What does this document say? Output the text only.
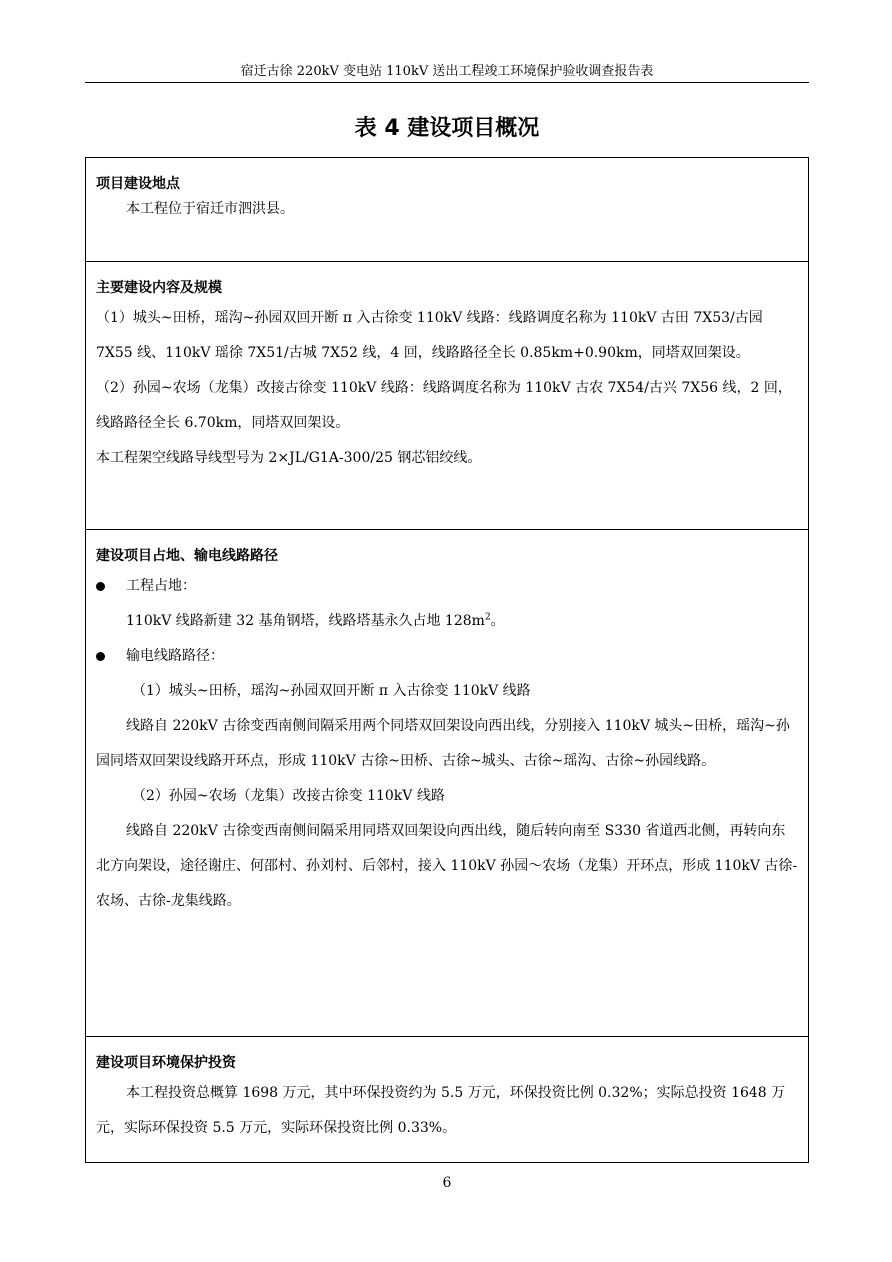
宿迁古徐 220kV 变电站 110kV 送出工程竣工环境保护验收调查报告表
表 4 建设项目概况
项目建设地点
本工程位于宿迁市泗洪县。
主要建设内容及规模
（1）城头~田桥，瑶沟~孙园双回开断 π 入古徐变 110kV 线路：线路调度名称为 110kV 古田 7X53/古园 7X55 线、110kV 瑶徐 7X51/古城 7X52 线，4 回，线路路径全长 0.85km+0.90km，同塔双回架设。
（2）孙园~农场（龙集）改接古徐变 110kV 线路：线路调度名称为 110kV 古农 7X54/古兴 7X56 线，2 回，线路路径全长 6.70km，同塔双回架设。
本工程架空线路导线型号为 2×JL/G1A-300/25 钢芯铝绞线。
建设项目占地、输电线路路径
工程占地：
110kV 线路新建 32 基角钢塔，线路塔基永久占地 $128m^2$。
输电线路路径：
（1）城头~田桥，瑶沟~孙园双回开断 π 入古徐变 110kV 线路
线路自 220kV 古徐变西南侧间隔采用两个同塔双回架设向西出线，分别接入 110kV 城头~田桥，瑶沟~孙园同塔双回架设线路开环点，形成 110kV 古徐~田桥、古徐~城头、古徐~瑶沟、古徐~孙园线路。
（2）孙园~农场（龙集）改接古徐变 110kV 线路
线路自 220kV 古徐变西南侧间隔采用同塔双回架设向西出线，随后转向南至 S330 省道西北侧，再转向东北方向架设，途径谢庄、何邵村、孙刘村、后邻村，接入 110kV 孙园～农场（龙集）开环点，形成 110kV 古徐-农场、古徐-龙集线路。
建设项目环境保护投资
本工程投资总概算 1698 万元，其中环保投资约为 5.5 万元，环保投资比例 0.32%；实际总投资 1648 万元，实际环保投资 5.5 万元，实际环保投资比例 0.33%。
6
